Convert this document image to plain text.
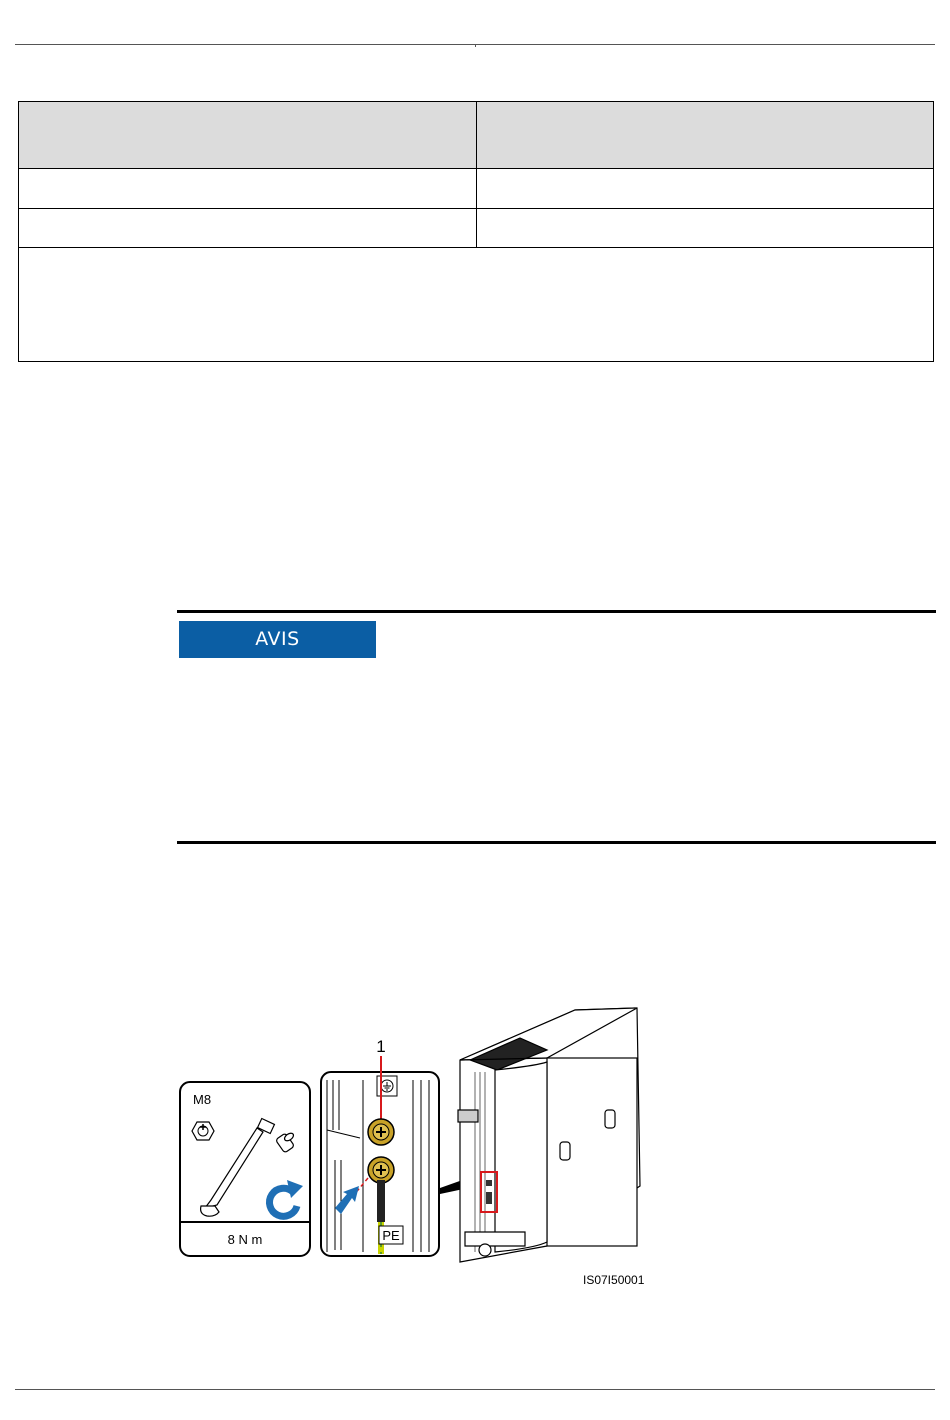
AVIS
M8
8 N m
1
PE
IS07I50001
